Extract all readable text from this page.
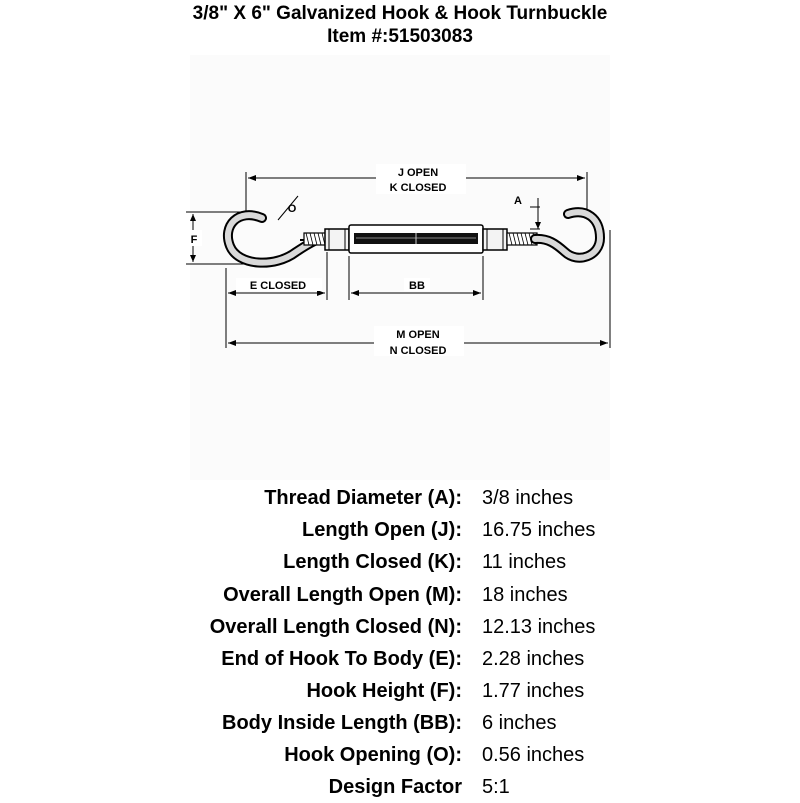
3/8" X 6" Galvanized Hook & Hook Turnbuckle
Item #:51503083
J OPEN
K CLOSED
A
O
F
E CLOSED	BB
M OPEN
N CLOSED
Thread Diameter (A): 3/8 inches
Length Open (J): 16.75 inches
Length Closed (K): 11 inches
Overall Length Open (M): 18 inches
Overall Length Closed (N): 12.13 inches
End of Hook To Body (E): 2.28 inches
Hook Height (F): 1.77 inches
Body Inside Length (BB): 6 inches
Hook Opening (O): 0.56 inches
Design Factor 5:1
